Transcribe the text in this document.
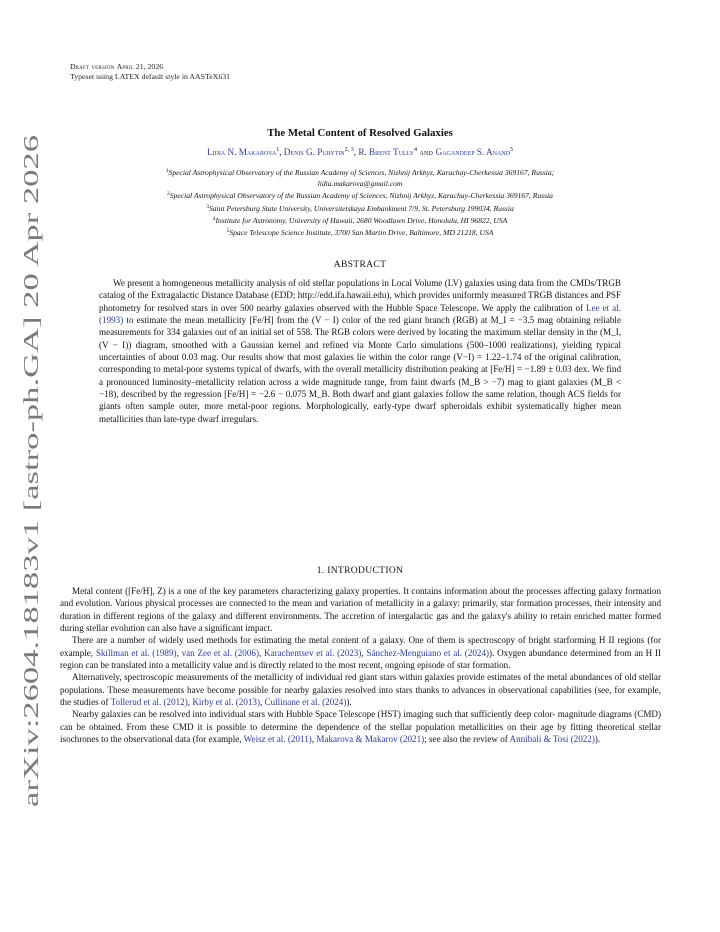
Draft version April 21, 2026
Typeset using LATEX default style in AASTeX631
arXiv:2604.18183v1 [astro-ph.GA] 20 Apr 2026
The Metal Content of Resolved Galaxies
Lidia N. Makarova$^1$, Denis G. Purytin$^{2, 3}$, R. Brent Tully$^4$ and Gagandeep S. Anand$^5$
$^1$Special Astrophysical Observatory of the Russian Academy of Sciences, Nizhnij Arkhyz, Karachay-Cherkessia 369167, Russia;
lidia.makarova@gmail.com
$^2$Special Astrophysical Observatory of the Russian Academy of Sciences, Nizhnij Arkhyz, Karachay-Cherkessia 369167, Russia
$^3$Saint Petersburg State University, Universitetskaya Embankment 7/9, St. Petersburg 199034, Russia
$^4$Institute for Astronomy, University of Hawaii, 2680 Woodlawn Drive, Honolulu, HI 96822, USA
$^5$Space Telescope Science Institute, 3700 San Martin Drive, Baltimore, MD 21218, USA
ABSTRACT
We present a homogeneous metallicity analysis of old stellar populations in Local Volume (LV) galaxies using data from the CMDs/TRGB catalog of the Extragalactic Distance Database (EDD; http://edd.ifa.hawaii.edu), which provides uniformly measured TRGB distances and PSF photometry for resolved stars in over 500 nearby galaxies observed with the Hubble Space Telescope. We apply the calibration of Lee et al. (1993) to estimate the mean metallicity [Fe/H] from the (V − I) color of the red giant branch (RGB) at M_I = −3.5 mag obtaining reliable measurements for 334 galaxies out of an initial set of 558. The RGB colors were derived by locating the maximum stellar density in the (M_I, (V − I)) diagram, smoothed with a Gaussian kernel and refined via Monte Carlo simulations (500–1000 realizations), yielding typical uncertainties of about 0.03 mag. Our results show that most galaxies lie within the color range (V−I) = 1.22–1.74 of the original calibration, corresponding to metal-poor systems typical of dwarfs, with the overall metallicity distribution peaking at [Fe/H] = −1.89 ± 0.03 dex. We find a pronounced luminosity–metallicity relation across a wide magnitude range, from faint dwarfs (M_B > −7) mag to giant galaxies (M_B < −18), described by the regression [Fe/H] = −2.6 − 0.075 M_B. Both dwarf and giant galaxies follow the same relation, though ACS fields for giants often sample outer, more metal-poor regions. Morphologically, early-type dwarf spheroidals exhibit systematically higher mean metallicities than late-type dwarf irregulars.
1. INTRODUCTION

Metal content ([Fe/H], Z) is a one of the key parameters characterizing galaxy properties. It contains information about the processes affecting galaxy formation and evolution. Various physical processes are connected to the mean and variation of metallicity in a galaxy: primarily, star formation processes, their intensity and duration in different regions of the galaxy and different environments. The accretion of intergalactic gas and the galaxy's ability to retain enriched matter formed during stellar evolution can also have a significant impact.

There are a number of widely used methods for estimating the metal content of a galaxy. One of them is spectroscopy of bright starforming H II regions (for example, Skillman et al. (1989), van Zee et al. (2006), Karachentsev et al. (2023), Sánchez-Menguiano et al. (2024)). Oxygen abundance determined from an H II region can be translated into a metallicity value and is directly related to the most recent, ongoing episode of star formation.

Alternatively, spectroscopic measurements of the metallicity of individual red giant stars within galaxies provide estimates of the metal abundances of old stellar populations. These measurements have become possible for nearby galaxies resolved into stars thanks to advances in observational capabilities (see, for example, the studies of Tollerud et al. (2012), Kirby et al. (2013), Cullinane et al. (2024)).

Nearby galaxies can be resolved into individual stars with Hubble Space Telescope (HST) imaging such that sufficiently deep color- magnitude diagrams (CMD) can be obtained. From these CMD it is possible to determine the dependence of the stellar population metallicities on their age by fitting theoretical stellar isochrones to the observational data (for example, Weisz et al. (2011), Makarova & Makarov (2021); see also the review of Annibali & Tosi (2022)).
